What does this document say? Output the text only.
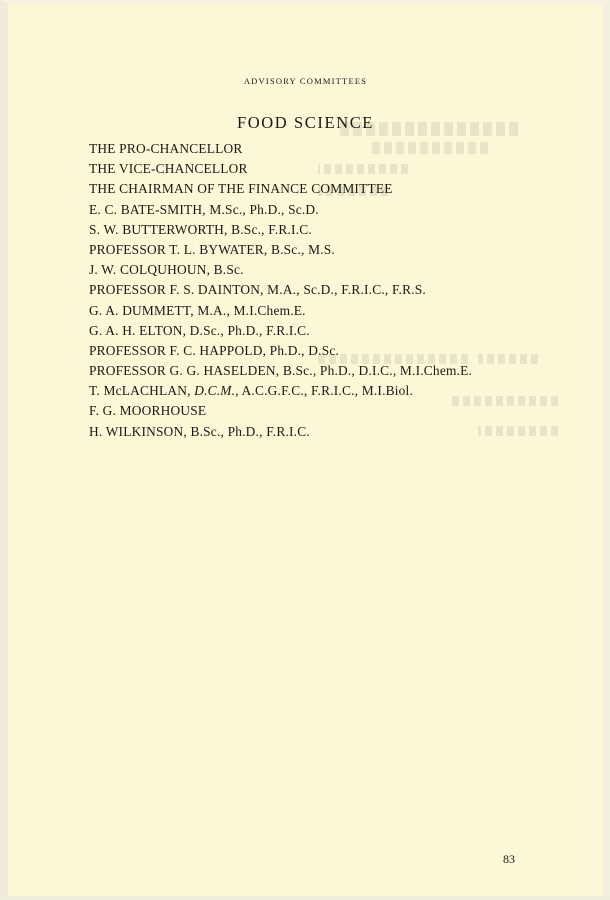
ADVISORY COMMITTEES
FOOD SCIENCE
THE PRO-CHANCELLOR
THE VICE-CHANCELLOR
THE CHAIRMAN OF THE FINANCE COMMITTEE
E. C. BATE-SMITH, M.Sc., Ph.D., Sc.D.
S. W. BUTTERWORTH, B.Sc., F.R.I.C.
PROFESSOR T. L. BYWATER, B.Sc., M.S.
J. W. COLQUHOUN, B.Sc.
PROFESSOR F. S. DAINTON, M.A., Sc.D., F.R.I.C., F.R.S.
G. A. DUMMETT, M.A., M.I.Chem.E.
G. A. H. ELTON, D.Sc., Ph.D., F.R.I.C.
PROFESSOR F. C. HAPPOLD, Ph.D., D.Sc.
PROFESSOR G. G. HASELDEN, B.Sc., Ph.D., D.I.C., M.I.Chem.E.
T. McLACHLAN, D.C.M., A.C.G.F.C., F.R.I.C., M.I.Biol.
F. G. MOORHOUSE
H. WILKINSON, B.Sc., Ph.D., F.R.I.C.
83
